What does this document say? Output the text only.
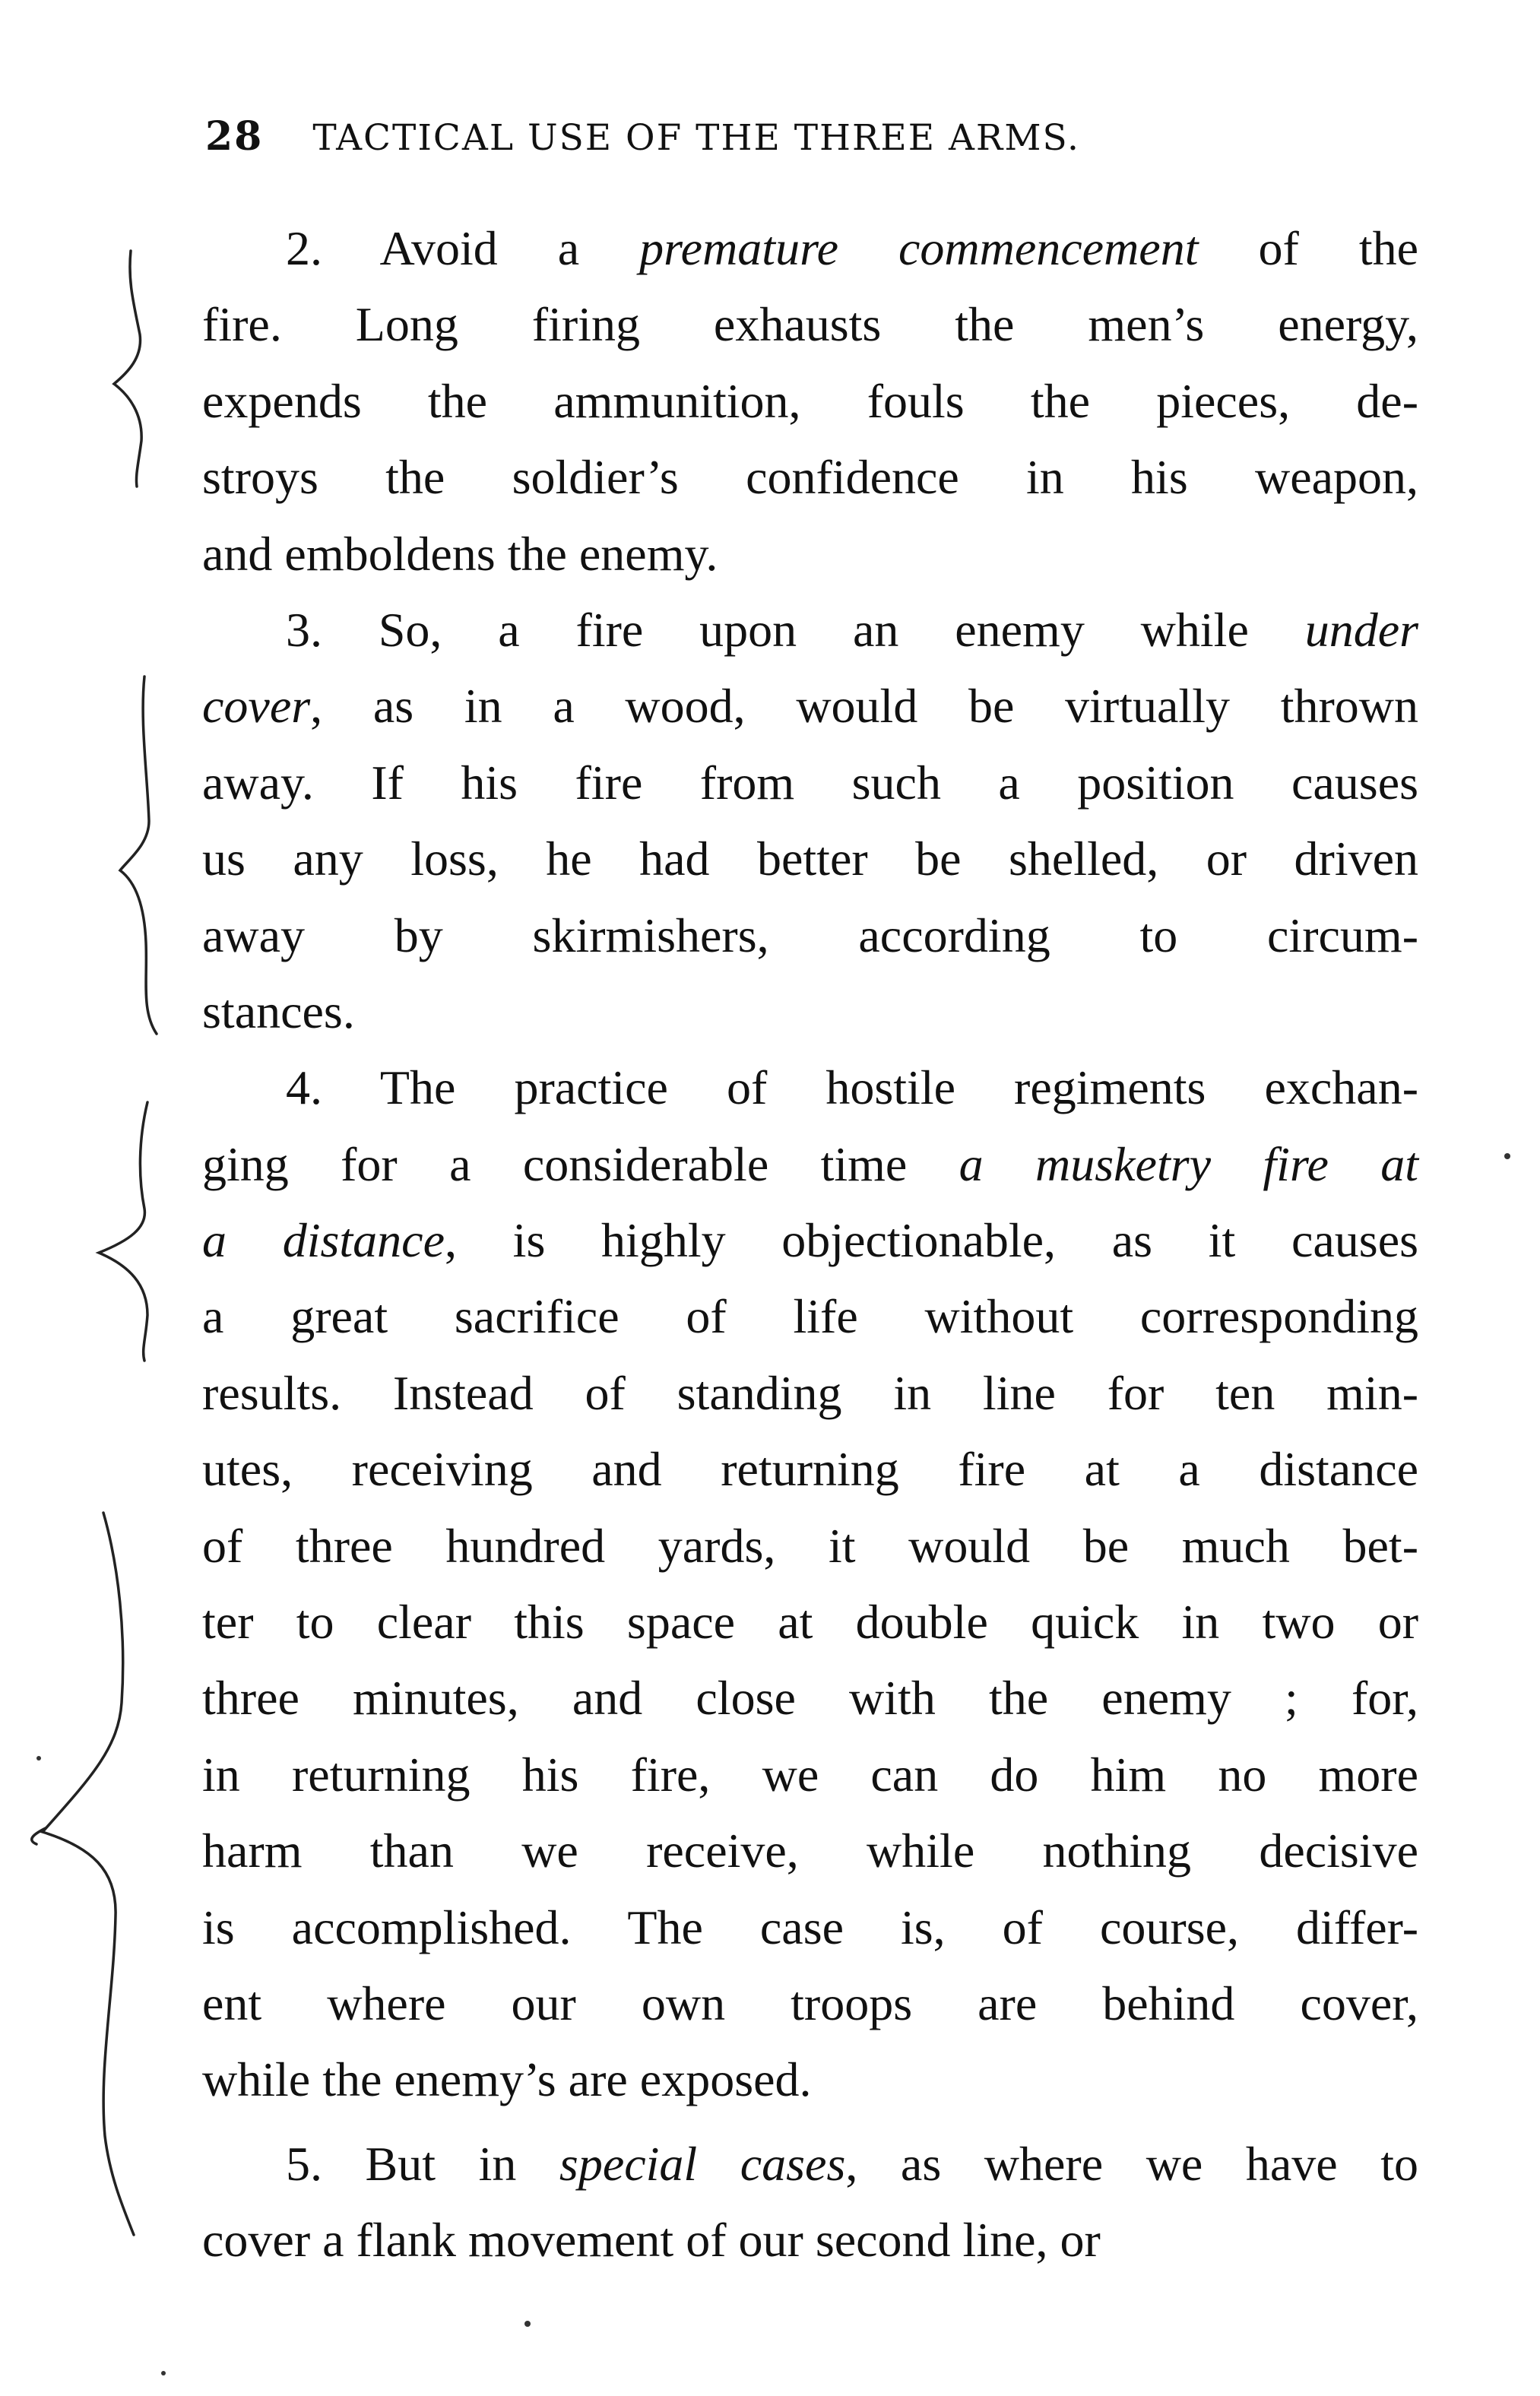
28 TACTICAL USE OF THE THREE ARMS.
2. Avoid a premature commencement of the
fire. Long firing exhausts the men’s energy,
expends the ammunition, fouls the pieces, de-
stroys the soldier’s confidence in his weapon,
and emboldens the enemy.
3. So, a fire upon an enemy while under
cover, as in a wood, would be virtually thrown
away. If his fire from such a position causes
us any loss, he had better be shelled, or driven
away by skirmishers, according to circum-
stances.
4. The practice of hostile regiments exchan-
ging for a considerable time a musketry fire at
a distance, is highly objectionable, as it causes
a great sacrifice of life without corresponding
results. Instead of standing in line for ten min-
utes, receiving and returning fire at a distance
of three hundred yards, it would be much bet-
ter to clear this space at double quick in two or
three minutes, and close with the enemy ; for,
in returning his fire, we can do him no more
harm than we receive, while nothing decisive
is accomplished. The case is, of course, differ-
ent where our own troops are behind cover,
while the enemy’s are exposed.
5. But in special cases, as where we have to
cover a flank movement of our second line, or
